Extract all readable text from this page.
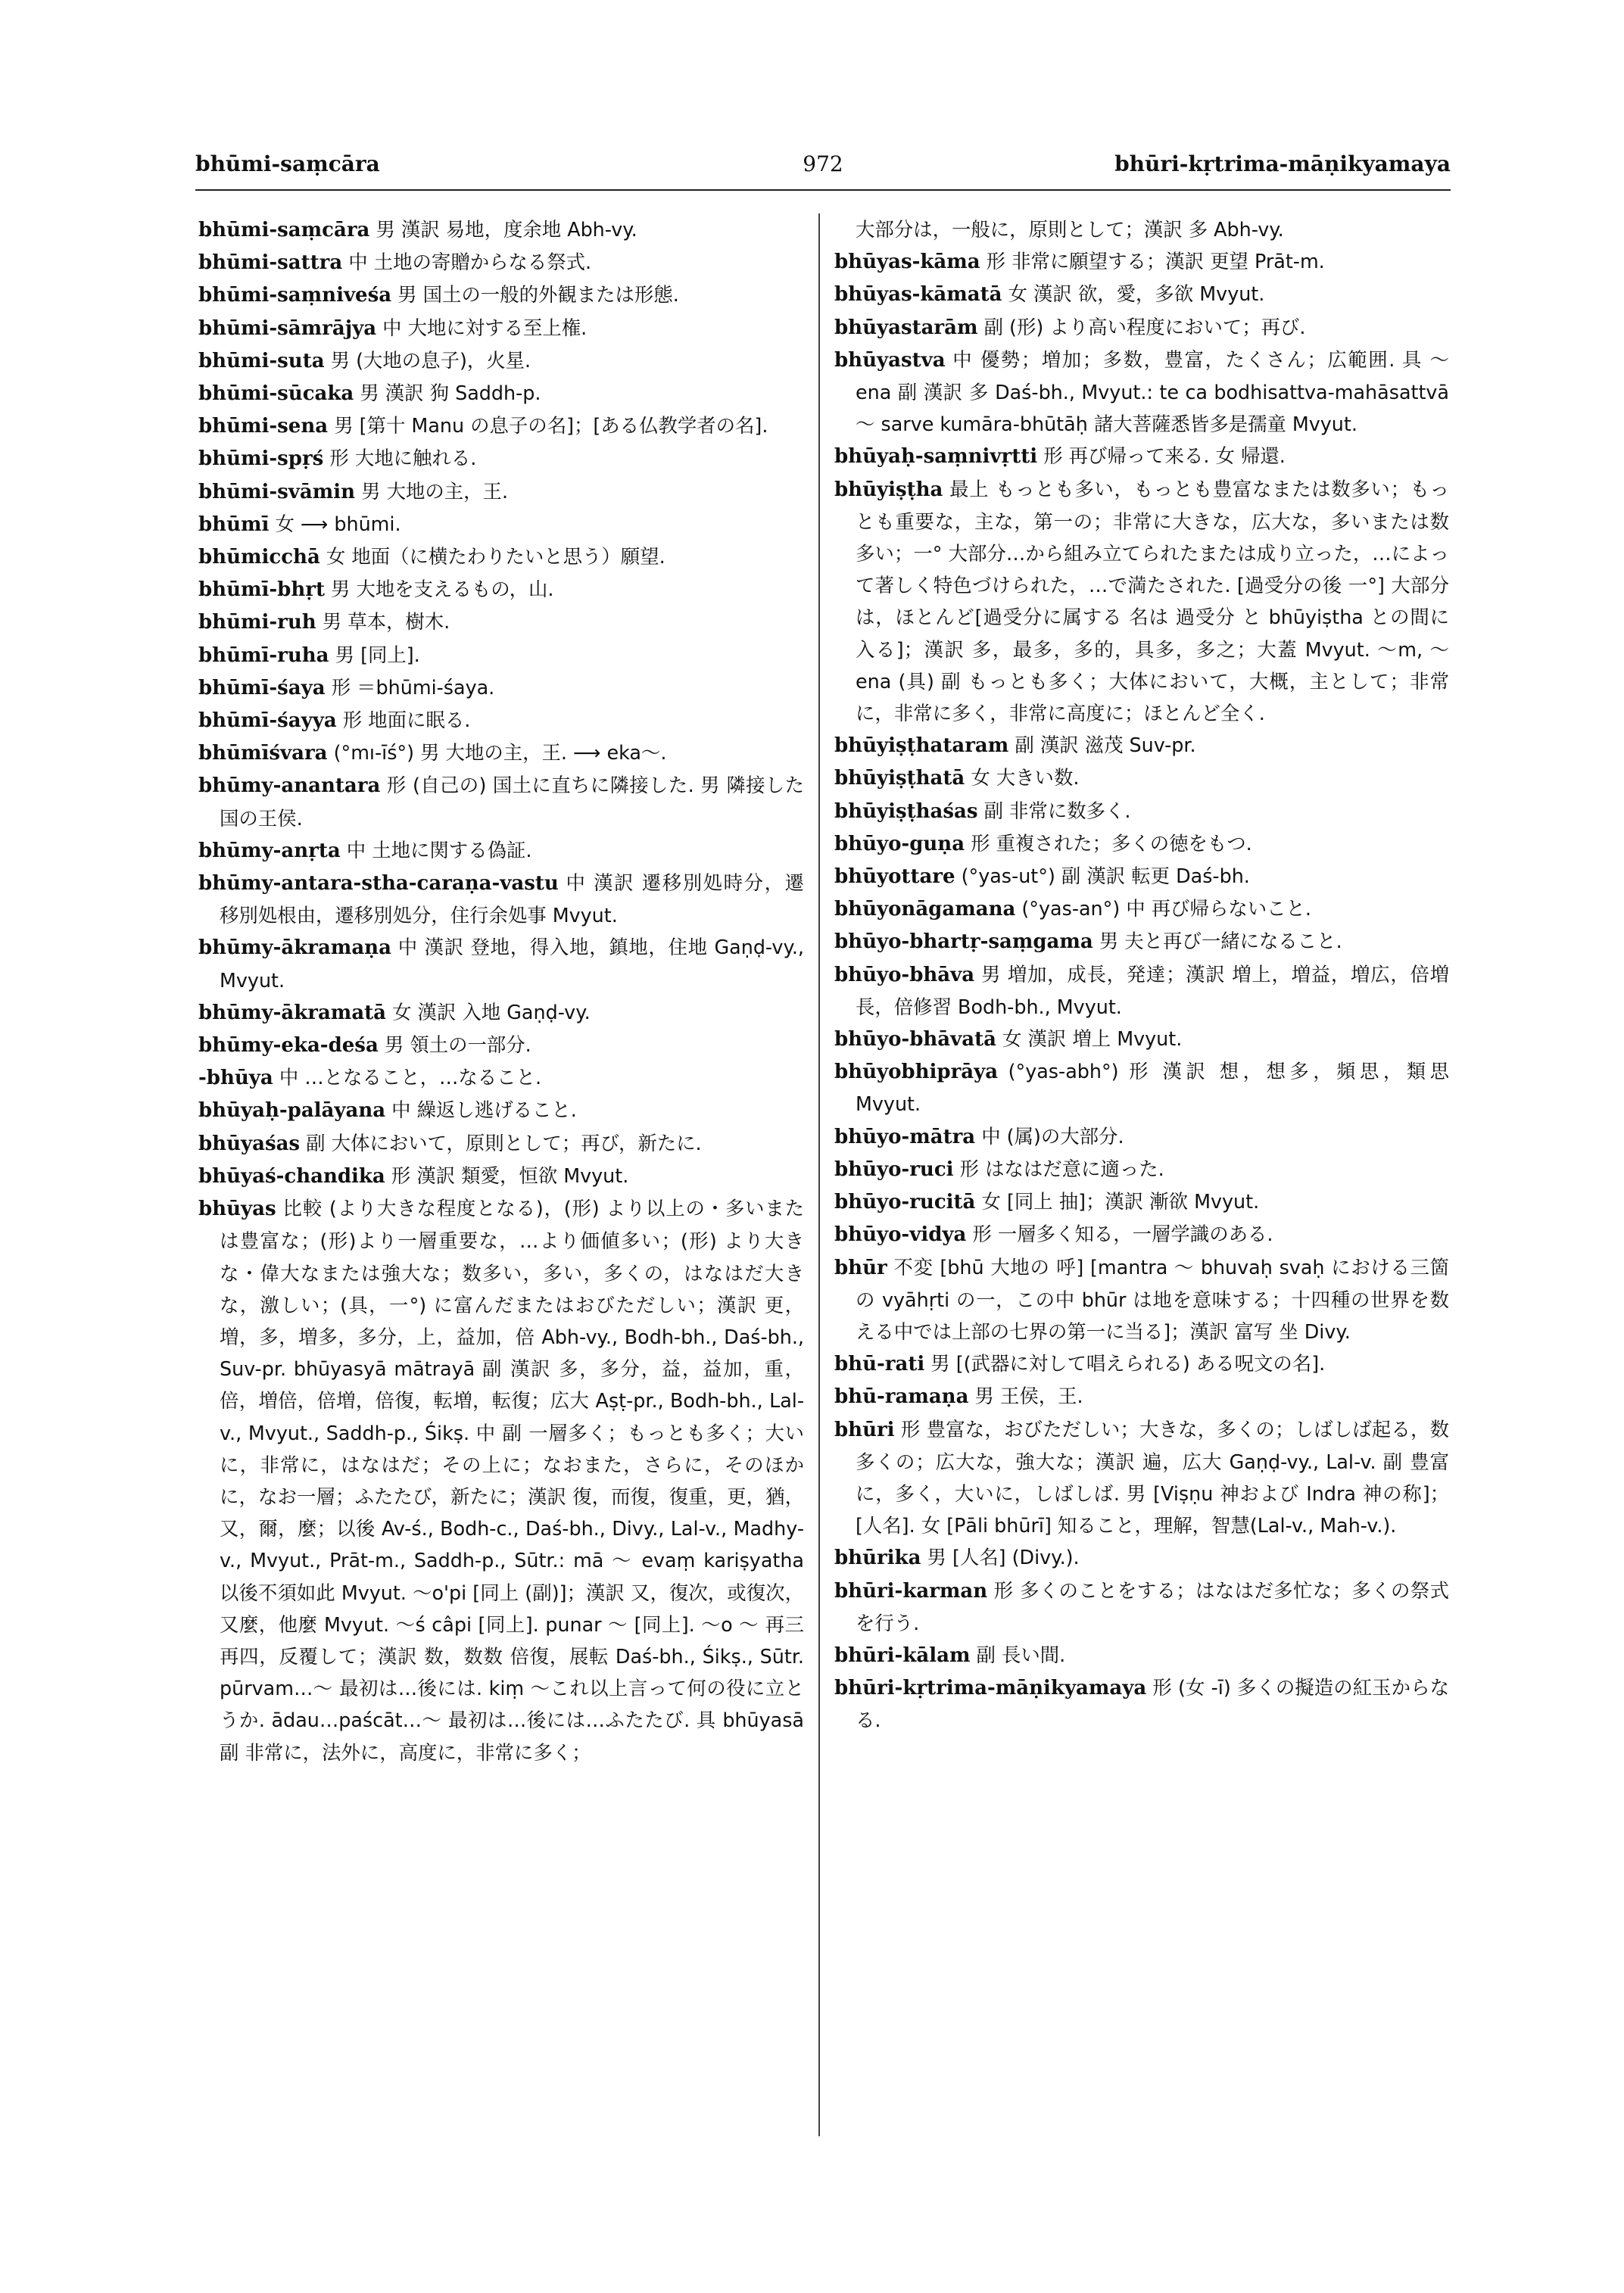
bhūmi-saṃcāra	972	bhūri-kṛtrima-māṇikyamaya

bhūmi-saṃcāra 男 漢訳 易地，度余地 Abh-vy.

bhūmi-sattra 中 土地の寄贈からなる祭式.

bhūmi-saṃniveśa 男 国土の一般的外観または形態.

bhūmi-sāmrājya 中 大地に対する至上権.

bhūmi-suta 男 (大地の息子)，火星.

bhūmi-sūcaka 男 漢訳 狗 Saddh-p.

bhūmi-sena 男 [第十 Manu の息子の名]；[ある仏教学者の名].

bhūmi-spṛś 形 大地に触れる.

bhūmi-svāmin 男 大地の主，王.

bhūmī 女 ⟶ bhūmi.

bhūmicchā 女 地面（に横たわりたいと思う）願望.

bhūmī-bhṛt 男 大地を支えるもの，山.

bhūmi-ruh 男 草本，樹木.

bhūmī-ruha 男 [同上].

bhūmī-śaya 形 ＝bhūmi-śaya.

bhūmī-śayya 形 地面に眠る.

bhūmīśvara (°mı-īś°) 男 大地の主，王. ⟶ eka〜.

bhūmy-anantara 形 (自己の) 国土に直ちに隣接した. 男 隣接した国の王侯.

bhūmy-anṛta 中 土地に関する偽証.

bhūmy-antara-stha-caraṇa-vastu 中 漢訳 遷移別処時分，遷移別処根由，遷移別処分，住行余処事 Mvyut.

bhūmy-ākramaṇa 中 漢訳 登地，得入地，鎮地，住地 Gaṇḍ-vy., Mvyut.

bhūmy-ākramatā 女 漢訳 入地 Gaṇḍ-vy.

bhūmy-eka-deśa 男 領土の一部分.

-bhūya 中 …となること，…なること.

bhūyaḥ-palāyana 中 繰返し逃げること.

bhūyaśas 副 大体において，原則として；再び，新たに.

bhūyaś-chandika 形 漢訳 類愛，恒欲 Mvyut.

bhūyas 比較 (より大きな程度となる)，(形) より以上の・多いまたは豊富な；(形)より一層重要な，…より価値多い；(形) より大きな・偉大なまたは強大な；数多い，多い，多くの，はなはだ大きな，激しい；(具，一°) に富んだまたはおびただしい；漢訳 更，増，多，増多，多分，上，益加，倍 Abh-vy., Bodh-bh., Daś-bh., Suv-pr. bhūyasyā mātrayā 副 漢訳 多，多分，益，益加，重，倍，増倍，倍増，倍復，転増，転復；広大 Aṣṭ-pr., Bodh-bh., Lal-v., Mvyut., Saddh-p., Śikṣ. 中 副 一層多く；もっとも多く；大いに，非常に，はなはだ；その上に；なおまた，さらに，そのほかに，なお一層；ふたたび，新たに；漢訳 復，而復，復重，更，猶，又，爾，麼；以後 Av-ś., Bodh-c., Daś-bh., Divy., Lal-v., Madhy-v., Mvyut., Prāt-m., Saddh-p., Sūtr.: mā 〜 evaṃ kariṣyatha 以後不須如此 Mvyut. 〜o'pi [同上 (副)]；漢訳 又，復次，或復次，又麼，他麼 Mvyut. 〜ś câpi [同上]. punar 〜 [同上]. 〜o 〜 再三再四，反覆して；漢訳 数，数数 倍復，展転 Daś-bh., Śikṣ., Sūtr. pūrvam…〜 最初は…後には. kiṃ 〜これ以上言って何の役に立とうか. ādau…paścāt…〜 最初は…後には…ふたたび. 具 bhūyasā 副 非常に，法外に，高度に，非常に多く；

大部分は，一般に，原則として；漢訳 多 Abh-vy.

bhūyas-kāma 形 非常に願望する；漢訳 更望 Prāt-m.

bhūyas-kāmatā 女 漢訳 欲，愛，多欲 Mvyut.

bhūyastarām 副 (形) より高い程度において；再び.

bhūyastva 中 優勢；増加；多数，豊富，たくさん；広範囲. 具 〜ena 副 漢訳 多 Daś-bh., Mvyut.: te ca bodhisattva-mahāsattvā 〜 sarve kumāra-bhūtāḥ 諸大菩薩悉皆多是孺童 Mvyut.

bhūyaḥ-saṃnivṛtti 形 再び帰って来る. 女 帰還.

bhūyiṣṭha 最上 もっとも多い，もっとも豊富なまたは数多い；もっとも重要な，主な，第一の；非常に大きな，広大な，多いまたは数多い；一° 大部分…から組み立てられたまたは成り立った，…によって著しく特色づけられた，…で満たされた. [過受分の後 一°] 大部分は，ほとんど[過受分に属する 名は 過受分 と bhūyiṣtha との間に入る]；漢訳 多，最多，多的，具多，多之；大蓋 Mvyut. 〜m, 〜ena (具) 副 もっとも多く；大体において，大概，主として；非常に，非常に多く，非常に高度に；ほとんど全く.

bhūyiṣṭhataram 副 漢訳 滋茂 Suv-pr.

bhūyiṣṭhatā 女 大きい数.

bhūyiṣṭhaśas 副 非常に数多く.

bhūyo-guṇa 形 重複された；多くの徳をもつ.

bhūyottare (°yas-ut°) 副 漢訳 転更 Daś-bh.

bhūyonāgamana (°yas-an°) 中 再び帰らないこと.

bhūyo-bhartṛ-saṃgama 男 夫と再び一緒になること.

bhūyo-bhāva 男 増加，成長，発達；漢訳 増上，増益，増広，倍増長，倍修習 Bodh-bh., Mvyut.

bhūyo-bhāvatā 女 漢訳 増上 Mvyut.

bhūyobhiprāya (°yas-abh°) 形 漢訳 想，想多，頻思，類思 Mvyut.

bhūyo-mātra 中 (属)の大部分.

bhūyo-ruci 形 はなはだ意に適った.

bhūyo-rucitā 女 [同上 抽]；漢訳 漸欲 Mvyut.

bhūyo-vidya 形 一層多く知る，一層学識のある.

bhūr 不変 [bhū 大地の 呼] [mantra 〜 bhuvaḥ svaḥ における三箇の vyāhṛti の一，この中 bhūr は地を意味する；十四種の世界を数える中では上部の七界の第一に当る]；漢訳 富写 坐 Divy.

bhū-rati 男 [(武器に対して唱えられる) ある呪文の名].

bhū-ramaṇa 男 王侯，王.

bhūri 形 豊富な，おびただしい；大きな，多くの；しばしば起る，数多くの；広大な，強大な；漢訳 遍，広大 Gaṇḍ-vy., Lal-v. 副 豊富に，多く，大いに，しばしば. 男 [Viṣṇu 神および Indra 神の称]；[人名]. 女 [Pāli bhūrī] 知ること，理解，智慧(Lal-v., Mah-v.).

bhūrika 男 [人名] (Divy.).

bhūri-karman 形 多くのことをする；はなはだ多忙な；多くの祭式を行う.

bhūri-kālam 副 長い間.

bhūri-kṛtrima-māṇikyamaya 形 (女 -ī) 多くの擬造の紅玉からなる.
